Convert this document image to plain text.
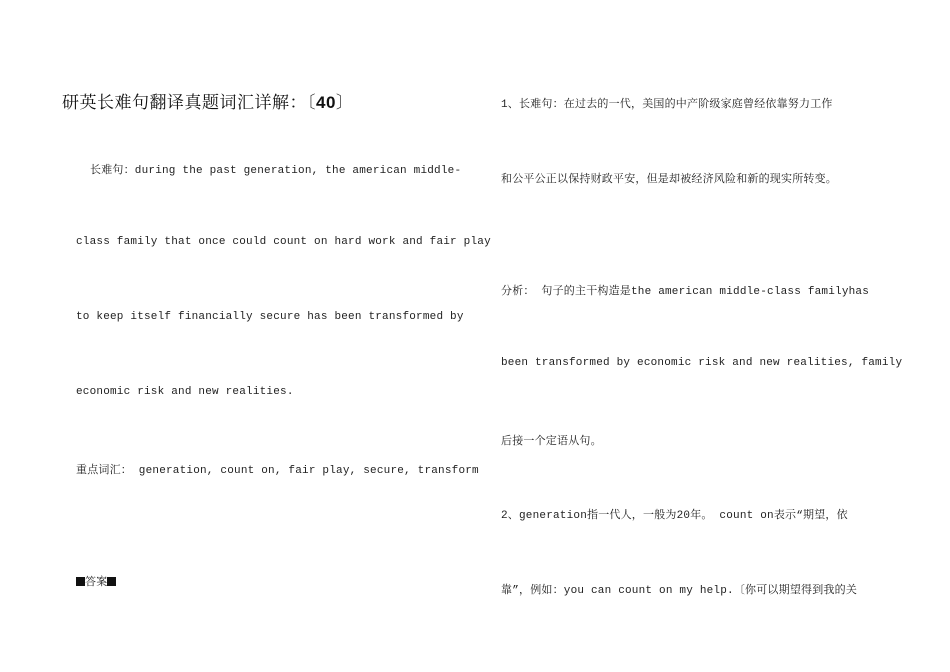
研英长难句翻译真题词汇详解：〔40〕
长难句：during the past generation, the american middle-
class family that once could count on hard work and fair play
to keep itself financially secure has been transformed by
economic risk and new realities.
重点词汇： generation, count on, fair play, secure, transform
答案
1、长难句：在过去的一代，美国的中产阶级家庭曾经依靠努力工作
和公平公正以保持财政平安，但是却被经济风险和新的现实所转变。
分析： 句子的主干构造是the american middle-class familyhas
been transformed by economic risk and new realities, family
后接一个定语从句。
2、generation指一代人，一般为20年。 count on表示“期望，依
靠”，例如：you can count on my help.〔你可以期望得到我的关
